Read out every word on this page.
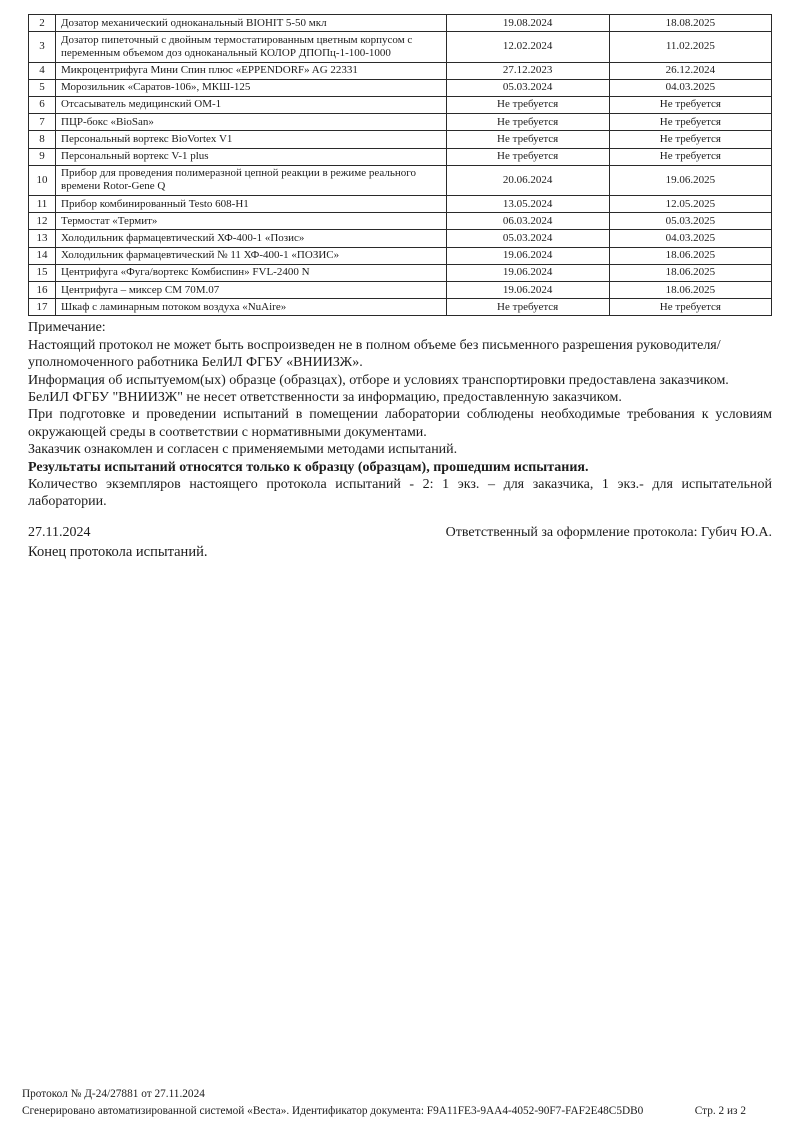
2	Дозатор механический одноканальный BIOHIT 5-50 мкл	19.08.2024	18.08.2025
3	Дозатор пипеточный с двойным термостатированным цветным корпусом с переменным объемом доз одноканальный КОЛОР ДПОПц-1-100-1000	12.02.2024	11.02.2025
4	Микроцентрифуга Мини Спин плюс «EPPENDORF» AG 22331	27.12.2023	26.12.2024
5	Морозильник «Саратов-106», МКШ-125	05.03.2024	04.03.2025
6	Отсасыватель медицинский ОМ-1	Не требуется	Не требуется
7	ПЦР-бокс «BioSan»	Не требуется	Не требуется
8	Персональный вортекс BioVortex V1	Не требуется	Не требуется
9	Персональный вортекс V-1 plus	Не требуется	Не требуется
10	Прибор для проведения полимеразной цепной реакции в режиме реального времени Rotor-Gene Q	20.06.2024	19.06.2025
11	Прибор комбинированный Testo 608-H1	13.05.2024	12.05.2025
12	Термостат «Термит»	06.03.2024	05.03.2025
13	Холодильник фармацевтический ХФ-400-1 «Позис»	05.03.2024	04.03.2025
14	Холодильник фармацевтический № 11 ХФ-400-1 «ПОЗИС»	19.06.2024	18.06.2025
15	Центрифуга «Фуга/вортекс Комбиспин» FVL-2400 N	19.06.2024	18.06.2025
16	Центрифуга – миксер СМ 70М.07	19.06.2024	18.06.2025
17	Шкаф с ламинарным потоком воздуха «NuAire»	Не требуется	Не требуется

Примечание:

Настоящий протокол не может быть воспроизведен не в полном объеме без письменного разрешения руководителя/уполномоченного работника БелИЛ ФГБУ «ВНИИЗЖ».

Информация об испытуемом(ых) образце (образцах), отборе и условиях транспортировки предоставлена заказчиком.

БелИЛ ФГБУ "ВНИИЗЖ" не несет ответственности за информацию, предоставленную заказчиком.

При подготовке и проведении испытаний в помещении лаборатории соблюдены необходимые требования к условиям окружающей среды в соответствии с нормативными документами.

Заказчик ознакомлен и согласен с применяемыми методами испытаний.

Результаты испытаний относятся только к образцу (образцам), прошедшим испытания.

Количество экземпляров настоящего протокола испытаний - 2: 1 экз. – для заказчика, 1 экз.- для испытательной лаборатории.

27.11.2024	Ответственный за оформление протокола: Губич Ю.А.

Конец протокола испытаний.

Протокол № Д-24/27881 от 27.11.2024
Сгенерировано автоматизированной системой «Веста». Идентификатор документа: F9A11FE3-9AA4-4052-90F7-FAF2E48C5DB0	Стр. 2 из 2
